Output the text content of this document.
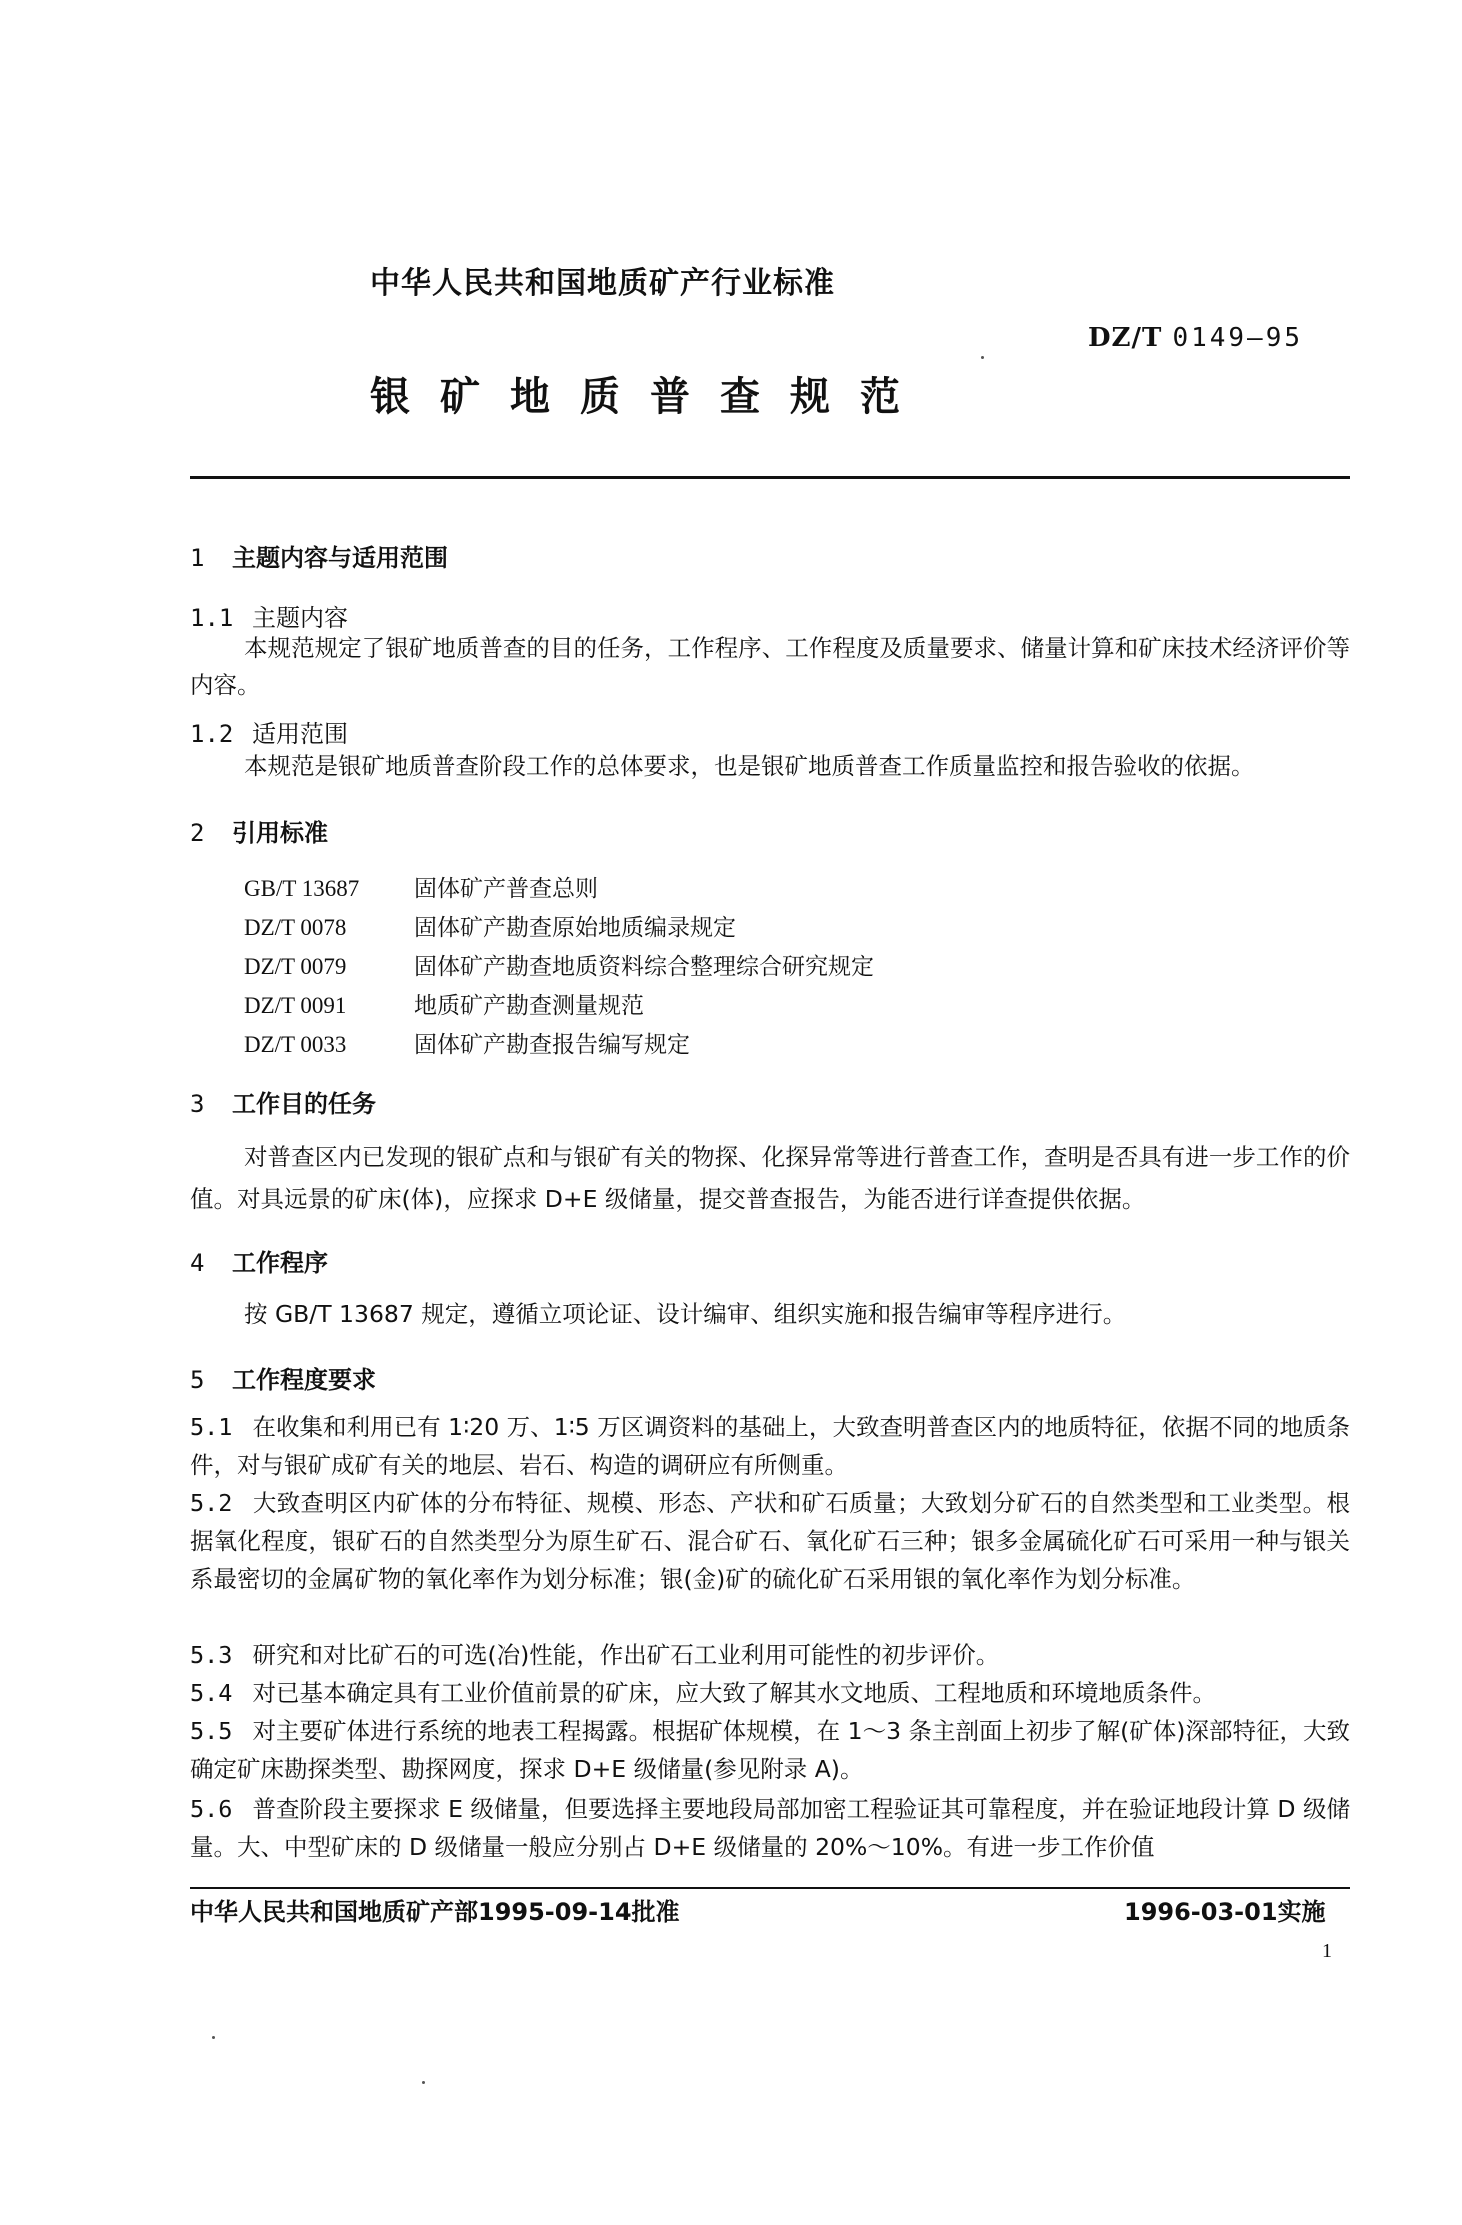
中华人民共和国地质矿产行业标准
DZ/T 0149—95
银矿地质普查规范
1 主题内容与适用范围
1.1 主题内容
本规范规定了银矿地质普查的目的任务，工作程序、工作程度及质量要求、储量计算和矿床技术经济评价等内容。
1.2 适用范围
本规范是银矿地质普查阶段工作的总体要求，也是银矿地质普查工作质量监控和报告验收的依据。
2 引用标准
GB/T 13687 固体矿产普查总则
DZ/T 0078	固体矿产勘查原始地质编录规定
DZ/T 0079	固体矿产勘查地质资料综合整理综合研究规定
DZ/T 0091	地质矿产勘查测量规范
DZ/T 0033	固体矿产勘查报告编写规定
3 工作目的任务
对普查区内已发现的银矿点和与银矿有关的物探、化探异常等进行普查工作，查明是否具有进一步工作的价值。对具远景的矿床(体)，应探求 D+E 级储量，提交普查报告，为能否进行详查提供依据。
4 工作程序
按 GB/T 13687 规定，遵循立项论证、设计编审、组织实施和报告编审等程序进行。
5 工作程度要求
5.1 在收集和利用已有 1∶20 万、1∶5 万区调资料的基础上，大致查明普查区内的地质特征，依据不同的地质条件，对与银矿成矿有关的地层、岩石、构造的调研应有所侧重。
5.2 大致查明区内矿体的分布特征、规模、形态、产状和矿石质量；大致划分矿石的自然类型和工业类型。根据氧化程度，银矿石的自然类型分为原生矿石、混合矿石、氧化矿石三种；银多金属硫化矿石可采用一种与银关系最密切的金属矿物的氧化率作为划分标准；银(金)矿的硫化矿石采用银的氧化率作为划分标准。
5.3 研究和对比矿石的可选(冶)性能，作出矿石工业利用可能性的初步评价。
5.4 对已基本确定具有工业价值前景的矿床，应大致了解其水文地质、工程地质和环境地质条件。
5.5 对主要矿体进行系统的地表工程揭露。根据矿体规模，在 1～3 条主剖面上初步了解(矿体)深部特征，大致确定矿床勘探类型、勘探网度，探求 D+E 级储量(参见附录 A)。
5.6 普查阶段主要探求 E 级储量，但要选择主要地段局部加密工程验证其可靠程度，并在验证地段计算 D 级储量。大、中型矿床的 D 级储量一般应分别占 D+E 级储量的 20%～10%。有进一步工作价值
中华人民共和国地质矿产部1995-09-14批准	1996-03-01实施
1
